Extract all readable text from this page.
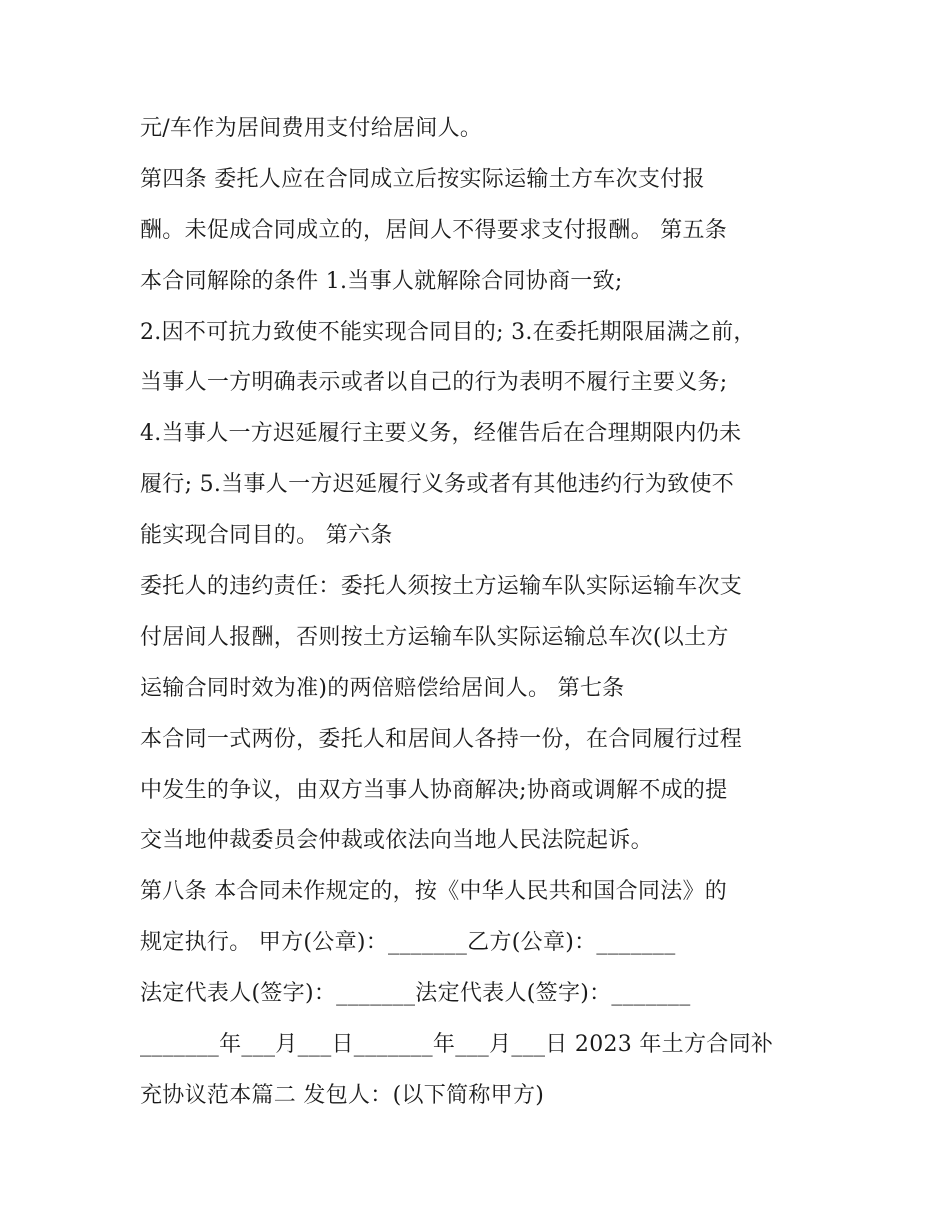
元/车作为居间费用支付给居间人。
第四条 委托人应在合同成立后按实际运输土方车次支付报
酬。未促成合同成立的，居间人不得要求支付报酬。 第五条
本合同解除的条件 1.当事人就解除合同协商一致;
2.因不可抗力致使不能实现合同目的; 3.在委托期限届满之前，
当事人一方明确表示或者以自己的行为表明不履行主要义务;
4.当事人一方迟延履行主要义务，经催告后在合理期限内仍未
履行; 5.当事人一方迟延履行义务或者有其他违约行为致使不
能实现合同目的。 第六条
委托人的违约责任：委托人须按土方运输车队实际运输车次支
付居间人报酬，否则按土方运输车队实际运输总车次(以土方
运输合同时效为准)的两倍赔偿给居间人。 第七条
本合同一式两份，委托人和居间人各持一份，在合同履行过程
中发生的争议，由双方当事人协商解决;协商或调解不成的提
交当地仲裁委员会仲裁或依法向当地人民法院起诉。
第八条 本合同未作规定的，按《中华人民共和国合同法》的
规定执行。 甲方(公章)：_______乙方(公章)：_______
法定代表人(签字)：_______法定代表人(签字)：_______
_______年___月___日_______年___月___日 2023 年土方合同补
充协议范本篇二 发包人：(以下简称甲方)
